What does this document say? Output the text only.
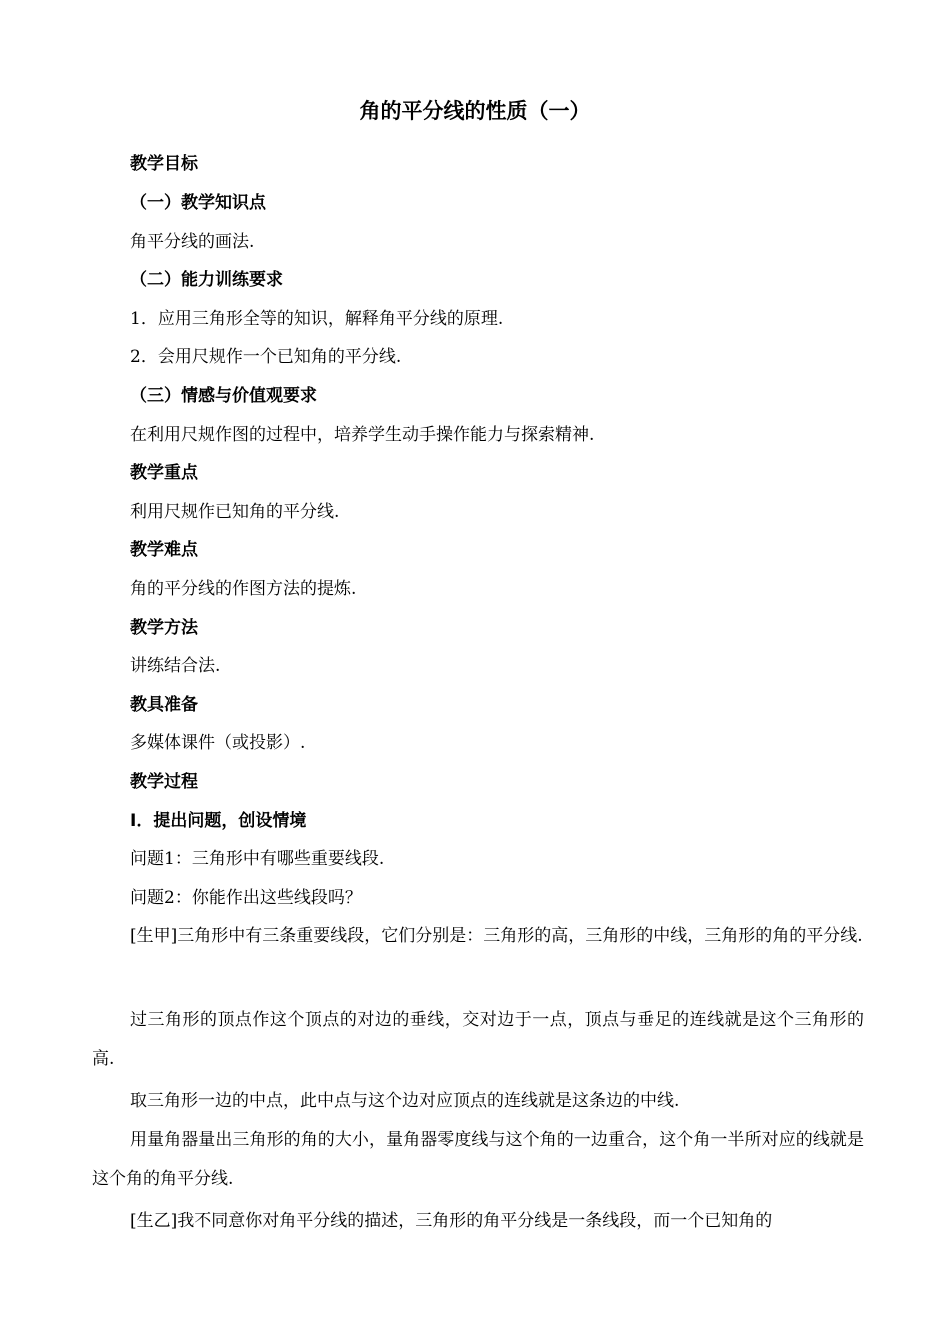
角的平分线的性质（一）

教学目标

（一）教学知识点

角平分线的画法.

（二）能力训练要求

1．应用三角形全等的知识，解释角平分线的原理.

2．会用尺规作一个已知角的平分线.

（三）情感与价值观要求

在利用尺规作图的过程中，培养学生动手操作能力与探索精神.

教学重点

利用尺规作已知角的平分线.

教学难点

角的平分线的作图方法的提炼.

教学方法

讲练结合法.

教具准备

多媒体课件（或投影）.

教学过程

Ⅰ．提出问题，创设情境

问题1：三角形中有哪些重要线段.

问题2：你能作出这些线段吗？

[生甲]三角形中有三条重要线段，它们分别是：三角形的高，三角形的中线，三角形的角的平分线.

过三角形的顶点作这个顶点的对边的垂线，交对边于一点，顶点与垂足的连线就是这个三角形的高.

取三角形一边的中点，此中点与这个边对应顶点的连线就是这条边的中线.

用量角器量出三角形的角的大小，量角器零度线与这个角的一边重合，这个角一半所对应的线就是这个角的角平分线.

[生乙]我不同意你对角平分线的描述，三角形的角平分线是一条线段，而一个已知角的
